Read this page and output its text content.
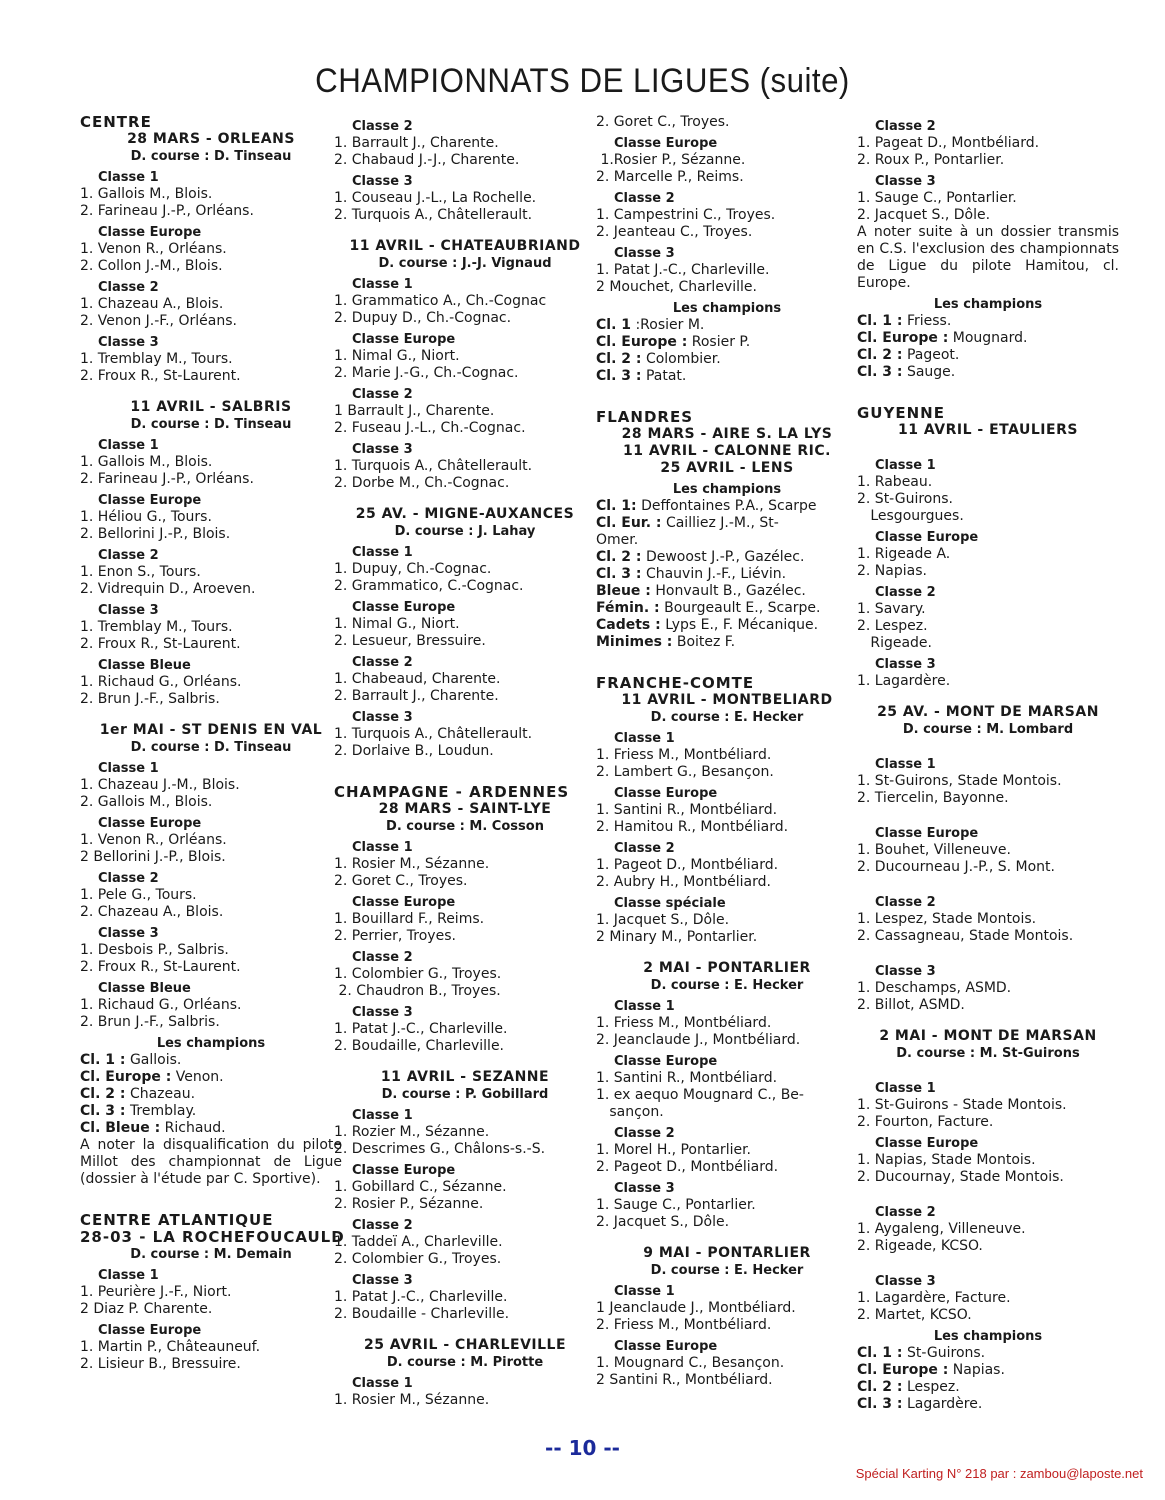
CHAMPIONNATS DE LIGUES (suite)
CENTRE
28 MARS - ORLEANS
D. course : D. Tinseau
Classe 1
1. Gallois M., Blois.
2. Farineau J.-P., Orléans.
Classe Europe
1. Venon R., Orléans.
2. Collon J.-M., Blois.
Classe 2
1. Chazeau A., Blois.
2. Venon J.-F., Orléans.
Classe 3
1. Tremblay M., Tours.
2. Froux R., St-Laurent.
11 AVRIL - SALBRIS
D. course : D. Tinseau
Classe 1
1. Gallois M., Blois.
2. Farineau J.-P., Orléans.
Classe Europe
1. Héliou G., Tours.
2. Bellorini J.-P., Blois.
Classe 2
1. Enon S., Tours.
2. Vidrequin D., Aroeven.
Classe 3
1. Tremblay M., Tours.
2. Froux R., St-Laurent.
Classe Bleue
1. Richaud G., Orléans.
2. Brun J.-F., Salbris.
1er MAI - ST DENIS EN VAL
D. course : D. Tinseau
Classe 1
1. Chazeau J.-M., Blois.
2. Gallois M., Blois.
Classe Europe
1. Venon R., Orléans.
2 Bellorini J.-P., Blois.
Classe 2
1. Pele G., Tours.
2. Chazeau A., Blois.
Classe 3
1. Desbois P., Salbris.
2. Froux R., St-Laurent.
Classe Bleue
1. Richaud G., Orléans.
2. Brun J.-F., Salbris.
Les champions
Cl. 1 : Gallois.
Cl. Europe : Venon.
Cl. 2 : Chazeau.
Cl. 3 : Tremblay.
Cl. Bleue : Richaud.
A noter la disqualification du pilote Millot des championnat de Ligue (dossier à l'étude par C. Sportive).
CENTRE ATLANTIQUE
28-03 - LA ROCHEFOUCAULD
D. course : M. Demain
Classe 1
1. Peurière J.-F., Niort.
2 Diaz P. Charente.
Classe Europe
1. Martin P., Châteauneuf.
2. Lisieur B., Bressuire.
Classe 2
1. Barrault J., Charente.
2. Chabaud J.-J., Charente.
Classe 3
1. Couseau J.-L., La Rochelle.
2. Turquois A., Châtellerault.
11 AVRIL - CHATEAUBRIAND
D. course : J.-J. Vignaud
Classe 1
1. Grammatico A., Ch.-Cognac
2. Dupuy D., Ch.-Cognac.
Classe Europe
1. Nimal G., Niort.
2. Marie J.-G., Ch.-Cognac.
Classe 2
1 Barrault J., Charente.
2. Fuseau J.-L., Ch.-Cognac.
Classe 3
1. Turquois A., Châtellerault.
2. Dorbe M., Ch.-Cognac.
25 AV. - MIGNE-AUXANCES
D. course : J. Lahay
Classe 1
1. Dupuy, Ch.-Cognac.
2. Grammatico, C.-Cognac.
Classe Europe
1. Nimal G., Niort.
2. Lesueur, Bressuire.
Classe 2
1. Chabeaud, Charente.
2. Barrault J., Charente.
Classe 3
1. Turquois A., Châtellerault.
2. Dorlaive B., Loudun.
CHAMPAGNE - ARDENNES
28 MARS - SAINT-LYE
D. course : M. Cosson
Classe 1
1. Rosier M., Sézanne.
2. Goret C., Troyes.
Classe Europe
1. Bouillard F., Reims.
2. Perrier, Troyes.
Classe 2
1. Colombier G., Troyes.
2. Chaudron B., Troyes.
Classe 3
1. Patat J.-C., Charleville.
2. Boudaille, Charleville.
11 AVRIL - SEZANNE
D. course : P. Gobillard
Classe 1
1. Rozier M., Sézanne.
2. Descrimes G., Châlons-s.-S.
Classe Europe
1. Gobillard C., Sézanne.
2. Rosier P., Sézanne.
Classe 2
1. Taddeï A., Charleville.
2. Colombier G., Troyes.
Classe 3
1. Patat J.-C., Charleville.
2. Boudaille - Charleville.
25 AVRIL - CHARLEVILLE
D. course : M. Pirotte
Classe 1
1. Rosier M., Sézanne.
2. Goret C., Troyes.
Classe Europe
1.Rosier P., Sézanne.
2. Marcelle P., Reims.
Classe 2
1. Campestrini C., Troyes.
2. Jeanteau C., Troyes.
Classe 3
1. Patat J.-C., Charleville.
2 Mouchet, Charleville.
Les champions
Cl. 1 :Rosier M.
Cl. Europe : Rosier P.
Cl. 2 : Colombier.
Cl. 3 : Patat.
FLANDRES
28 MARS - AIRE S. LA LYS
11 AVRIL - CALONNE RIC.
25 AVRIL - LENS
Les champions
Cl. 1: Deffontaines P.A., Scarpe
Cl. Eur. : Cailliez J.-M., St-
Omer.
Cl. 2 : Dewoost J.-P., Gazélec.
Cl. 3 : Chauvin J.-F., Liévin.
Bleue : Honvault B., Gazélec.
Fémin. : Bourgeault E., Scarpe.
Cadets : Lyps E., F. Mécanique.
Minimes : Boitez F.
FRANCHE-COMTE
11 AVRIL - MONTBELIARD
D. course : E. Hecker
Classe 1
1. Friess M., Montbéliard.
2. Lambert G., Besançon.
Classe Europe
1. Santini R., Montbéliard.
2. Hamitou R., Montbéliard.
Classe 2
1. Pageot D., Montbéliard.
2. Aubry H., Montbéliard.
Classe spéciale
1. Jacquet S., Dôle.
2 Minary M., Pontarlier.
2 MAI - PONTARLIER
D. course : E. Hecker
Classe 1
1. Friess M., Montbéliard.
2. Jeanclaude J., Montbéliard.
Classe Europe
1. Santini R., Montbéliard.
1. ex aequo Mougnard C., Be-
sançon.
Classe 2
1. Morel H., Pontarlier.
2. Pageot D., Montbéliard.
Classe 3
1. Sauge C., Pontarlier.
2. Jacquet S., Dôle.
9 MAI - PONTARLIER
D. course : E. Hecker
Classe 1
1 Jeanclaude J., Montbéliard.
2. Friess M., Montbéliard.
Classe Europe
1. Mougnard C., Besançon.
2 Santini R., Montbéliard.
Classe 2
1. Pageat D., Montbéliard.
2. Roux P., Pontarlier.
Classe 3
1. Sauge C., Pontarlier.
2. Jacquet S., Dôle.
A noter suite à un dossier transmis en C.S. l'exclusion des championnats de Ligue du pilote Hamitou, cl. Europe.
Les champions
Cl. 1 : Friess.
Cl. Europe : Mougnard.
Cl. 2 : Pageot.
Cl. 3 : Sauge.
GUYENNE
11 AVRIL - ETAULIERS
Classe 1
1. Rabeau.
2. St-Guirons.
Lesgourgues.
Classe Europe
1. Rigeade A.
2. Napias.
Classe 2
1. Savary.
2. Lespez.
Rigeade.
Classe 3
1. Lagardère.
25 AV. - MONT DE MARSAN
D. course : M. Lombard
Classe 1
1. St-Guirons, Stade Montois.
2. Tiercelin, Bayonne.
Classe Europe
1. Bouhet, Villeneuve.
2. Ducourneau J.-P., S. Mont.
Classe 2
1. Lespez, Stade Montois.
2. Cassagneau, Stade Montois.
Classe 3
1. Deschamps, ASMD.
2. Billot, ASMD.
2 MAI - MONT DE MARSAN
D. course : M. St-Guirons
Classe 1
1. St-Guirons - Stade Montois.
2. Fourton, Facture.
Classe Europe
1. Napias, Stade Montois.
2. Ducournay, Stade Montois.
Classe 2
1. Aygaleng, Villeneuve.
2. Rigeade, KCSO.
Classe 3
1. Lagardère, Facture.
2. Martet, KCSO.
Les champions
Cl. 1 : St-Guirons.
Cl. Europe : Napias.
Cl. 2 : Lespez.
Cl. 3 : Lagardère.
-- 10 --
Spécial Karting N° 218 par : zambou@laposte.net
